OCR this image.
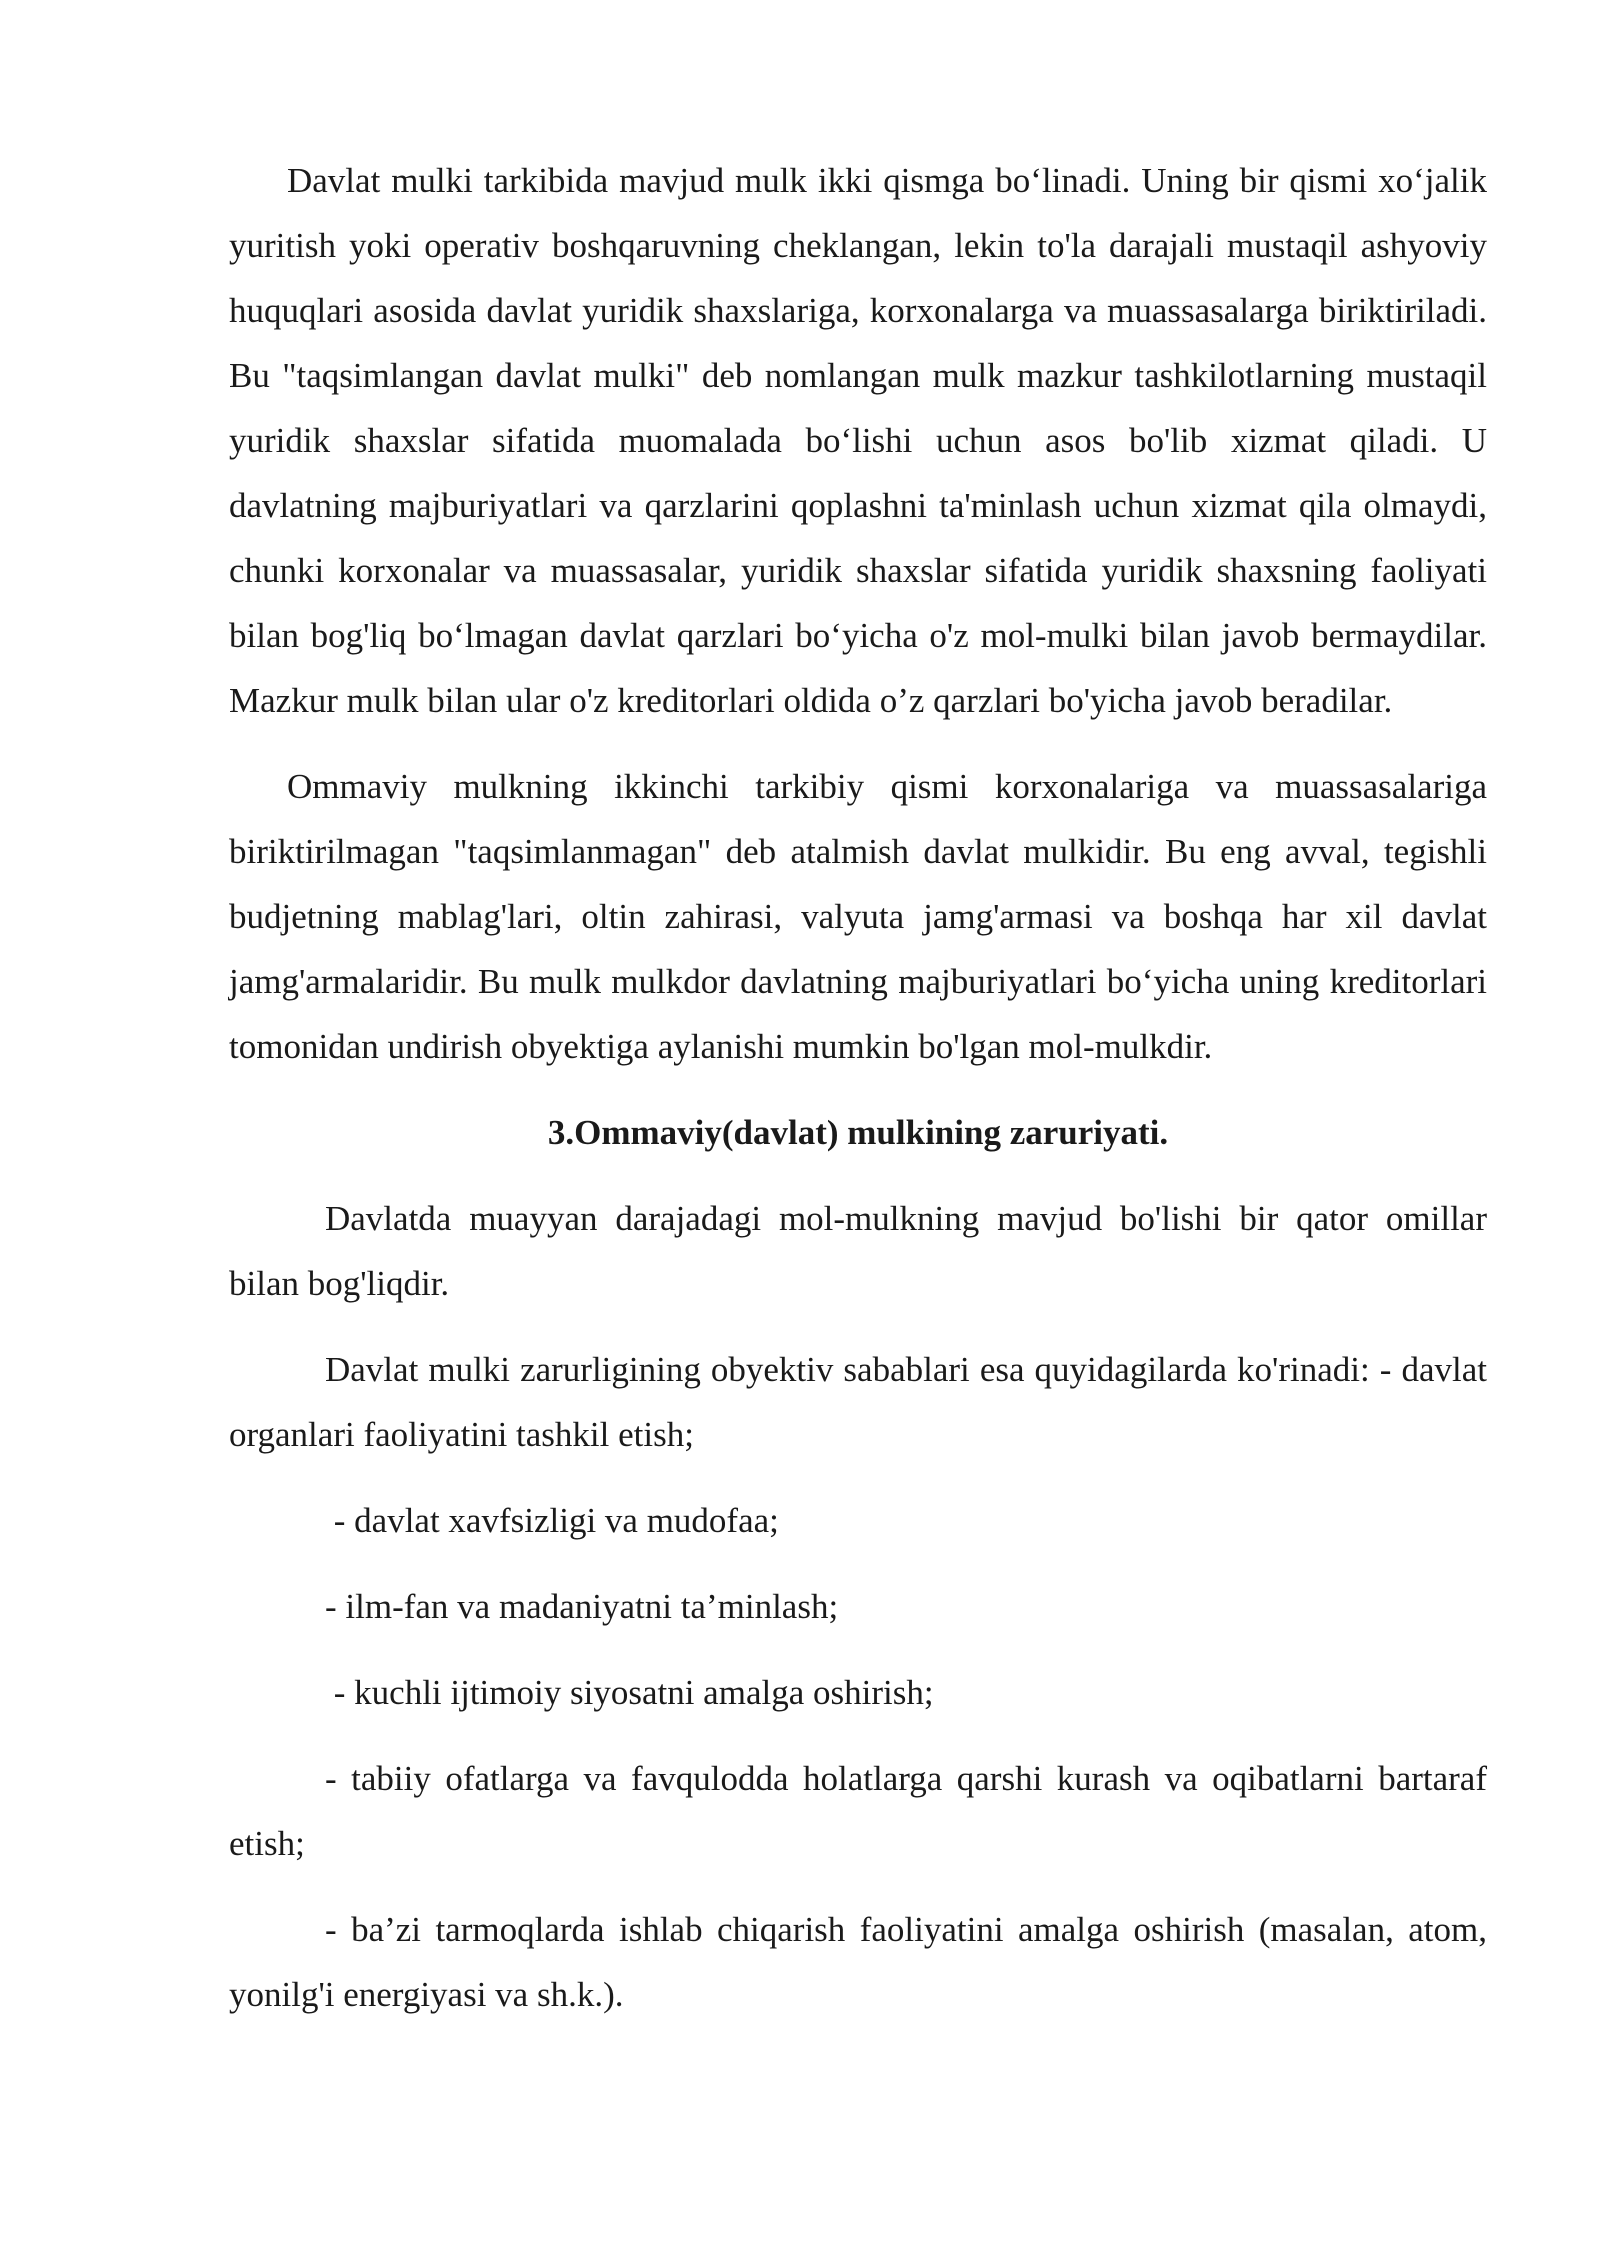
Davlat mulki tarkibida mavjud mulk ikki qismga bo‘linadi. Uning bir qismi xo‘jalik yuritish yoki operativ boshqaruvning cheklangan, lekin to'la darajali mustaqil ashyoviy huquqlari asosida davlat yuridik shaxslariga, korxonalarga va muassasalarga biriktiriladi. Bu "taqsimlangan davlat mulki" deb nomlangan mulk mazkur tashkilotlarning mustaqil yuridik shaxslar sifatida muomalada bo‘lishi uchun asos bo'lib xizmat qiladi. U davlatning majburiyatlari va qarzlarini qoplashni ta'minlash uchun xizmat qila olmaydi, chunki korxonalar va muassasalar, yuridik shaxslar sifatida yuridik shaxsning faoliyati bilan bog'liq bo‘lmagan davlat qarzlari bo‘yicha o'z mol-mulki bilan javob bermaydilar. Mazkur mulk bilan ular o'z kreditorlari oldida o’z qarzlari bo'yicha javob beradilar.

Ommaviy mulkning ikkinchi tarkibiy qismi korxonalariga va muassasalariga biriktirilmagan "taqsimlanmagan" deb atalmish davlat mulkidir. Bu eng avval, tegishli budjetning mablag'lari, oltin zahirasi, valyuta jamg'armasi va boshqa har xil davlat jamg'armalaridir. Bu mulk mulkdor davlatning majburiyatlari bo‘yicha uning kreditorlari tomonidan undirish obyektiga aylanishi mumkin bo'lgan mol-mulkdir.

3.Ommaviy(davlat) mulkining zaruriyati.

Davlatda muayyan darajadagi mol-mulkning mavjud bo'lishi bir qator omillar bilan bog'liqdir.

Davlat mulki zarurligining obyektiv sabablari esa quyidagilarda ko'rinadi: - davlat organlari faoliyatini tashkil etish;

- davlat xavfsizligi va mudofaa;

- ilm-fan va madaniyatni ta’minlash;

- kuchli ijtimoiy siyosatni amalga oshirish;

- tabiiy ofatlarga va favqulodda holatlarga qarshi kurash va oqibatlarni bartaraf etish;

- ba’zi tarmoqlarda ishlab chiqarish faoliyatini amalga oshirish (masalan, atom, yonilg'i energiyasi va sh.k.).
